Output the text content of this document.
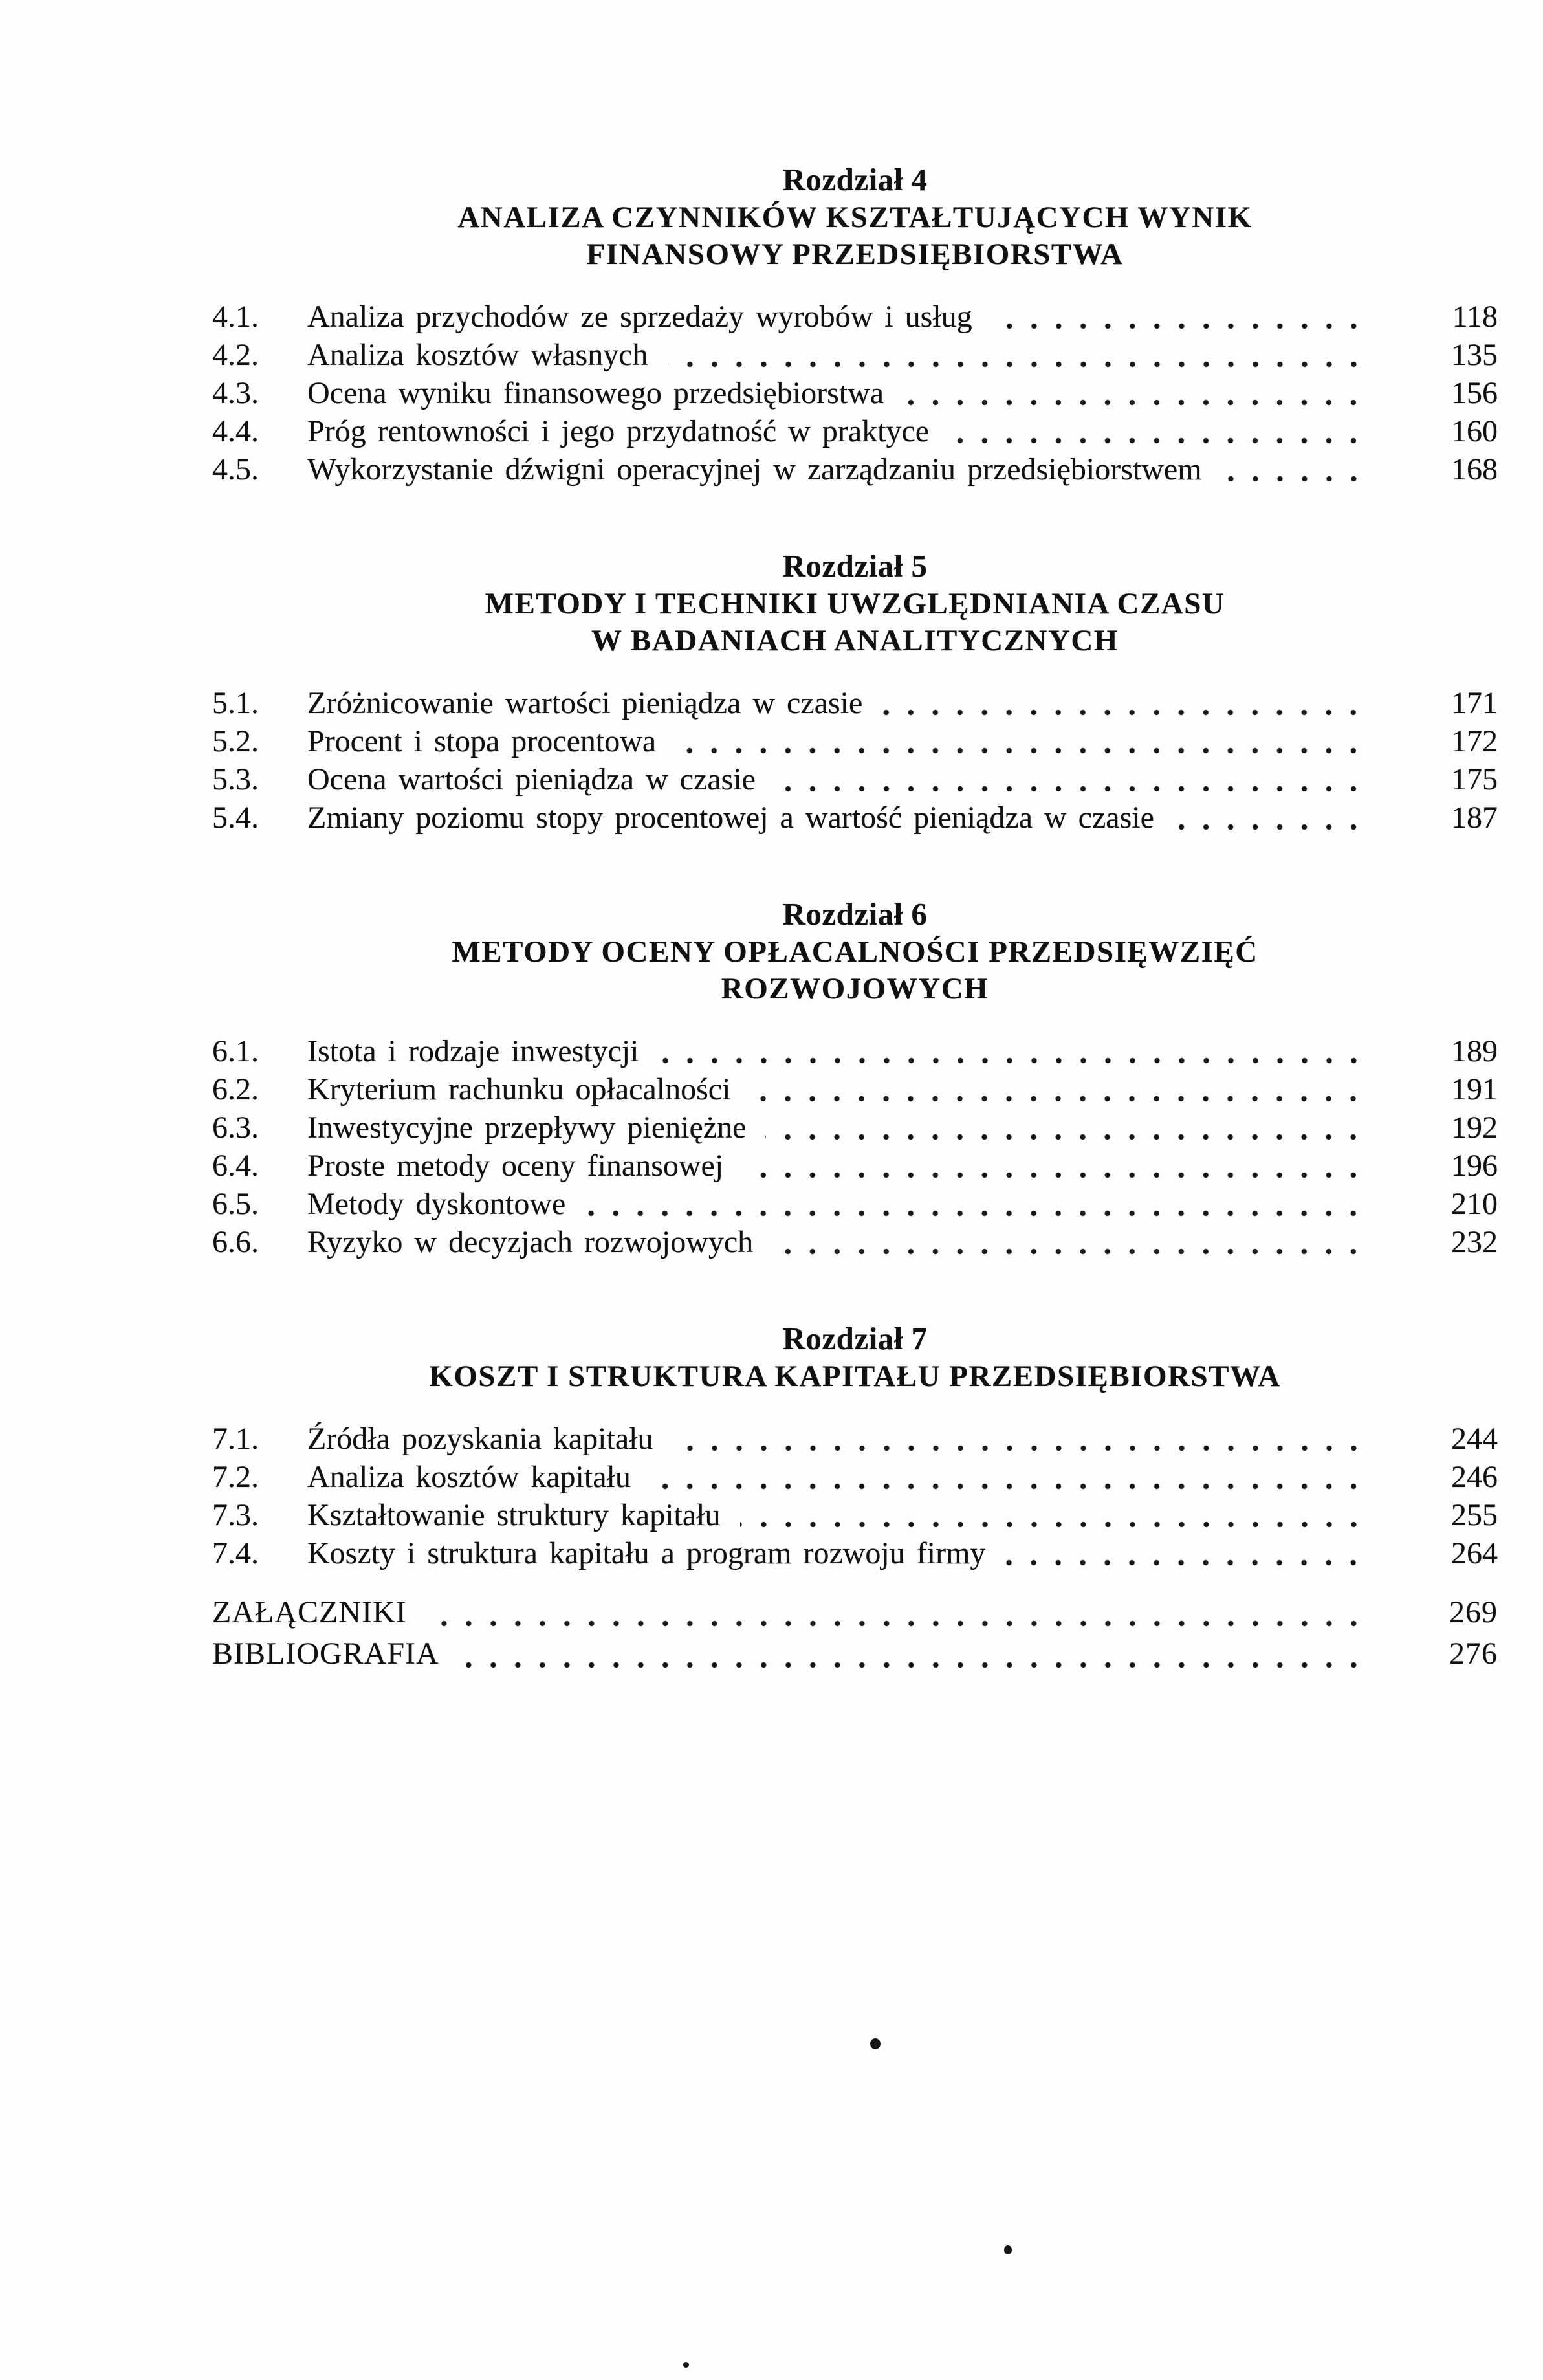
Rozdział 4
ANALIZA CZYNNIKÓW KSZTAŁTUJĄCYCH WYNIK
FINANSOWY PRZEDSIĘBIORSTWA
4.1.	Analiza przychodów ze sprzedaży wyrobów i usług	118
4.2.	Analiza kosztów własnych	135
4.3.	Ocena wyniku finansowego przedsiębiorstwa	156
4.4.	Próg rentowności i jego przydatność w praktyce	160
4.5.	Wykorzystanie dźwigni operacyjnej w zarządzaniu przedsiębiorstwem	168
Rozdział 5
METODY I TECHNIKI UWZGLĘDNIANIA CZASU
W BADANIACH ANALITYCZNYCH
5.1.	Zróżnicowanie wartości pieniądza w czasie	171
5.2.	Procent i stopa procentowa	172
5.3.	Ocena wartości pieniądza w czasie	175
5.4.	Zmiany poziomu stopy procentowej a wartość pieniądza w czasie	187
Rozdział 6
METODY OCENY OPŁACALNOŚCI PRZEDSIĘWZIĘĆ
ROZWOJOWYCH
6.1.	Istota i rodzaje inwestycji	189
6.2.	Kryterium rachunku opłacalności	191
6.3.	Inwestycyjne przepływy pieniężne	192
6.4.	Proste metody oceny finansowej	196
6.5.	Metody dyskontowe	210
6.6.	Ryzyko w decyzjach rozwojowych	232
Rozdział 7
KOSZT I STRUKTURA KAPITAŁU PRZEDSIĘBIORSTWA
7.1.	Źródła pozyskania kapitału	244
7.2.	Analiza kosztów kapitału	246
7.3.	Kształtowanie struktury kapitału	255
7.4.	Koszty i struktura kapitału a program rozwoju firmy	264
ZAŁĄCZNIKI	269
BIBLIOGRAFIA	276
